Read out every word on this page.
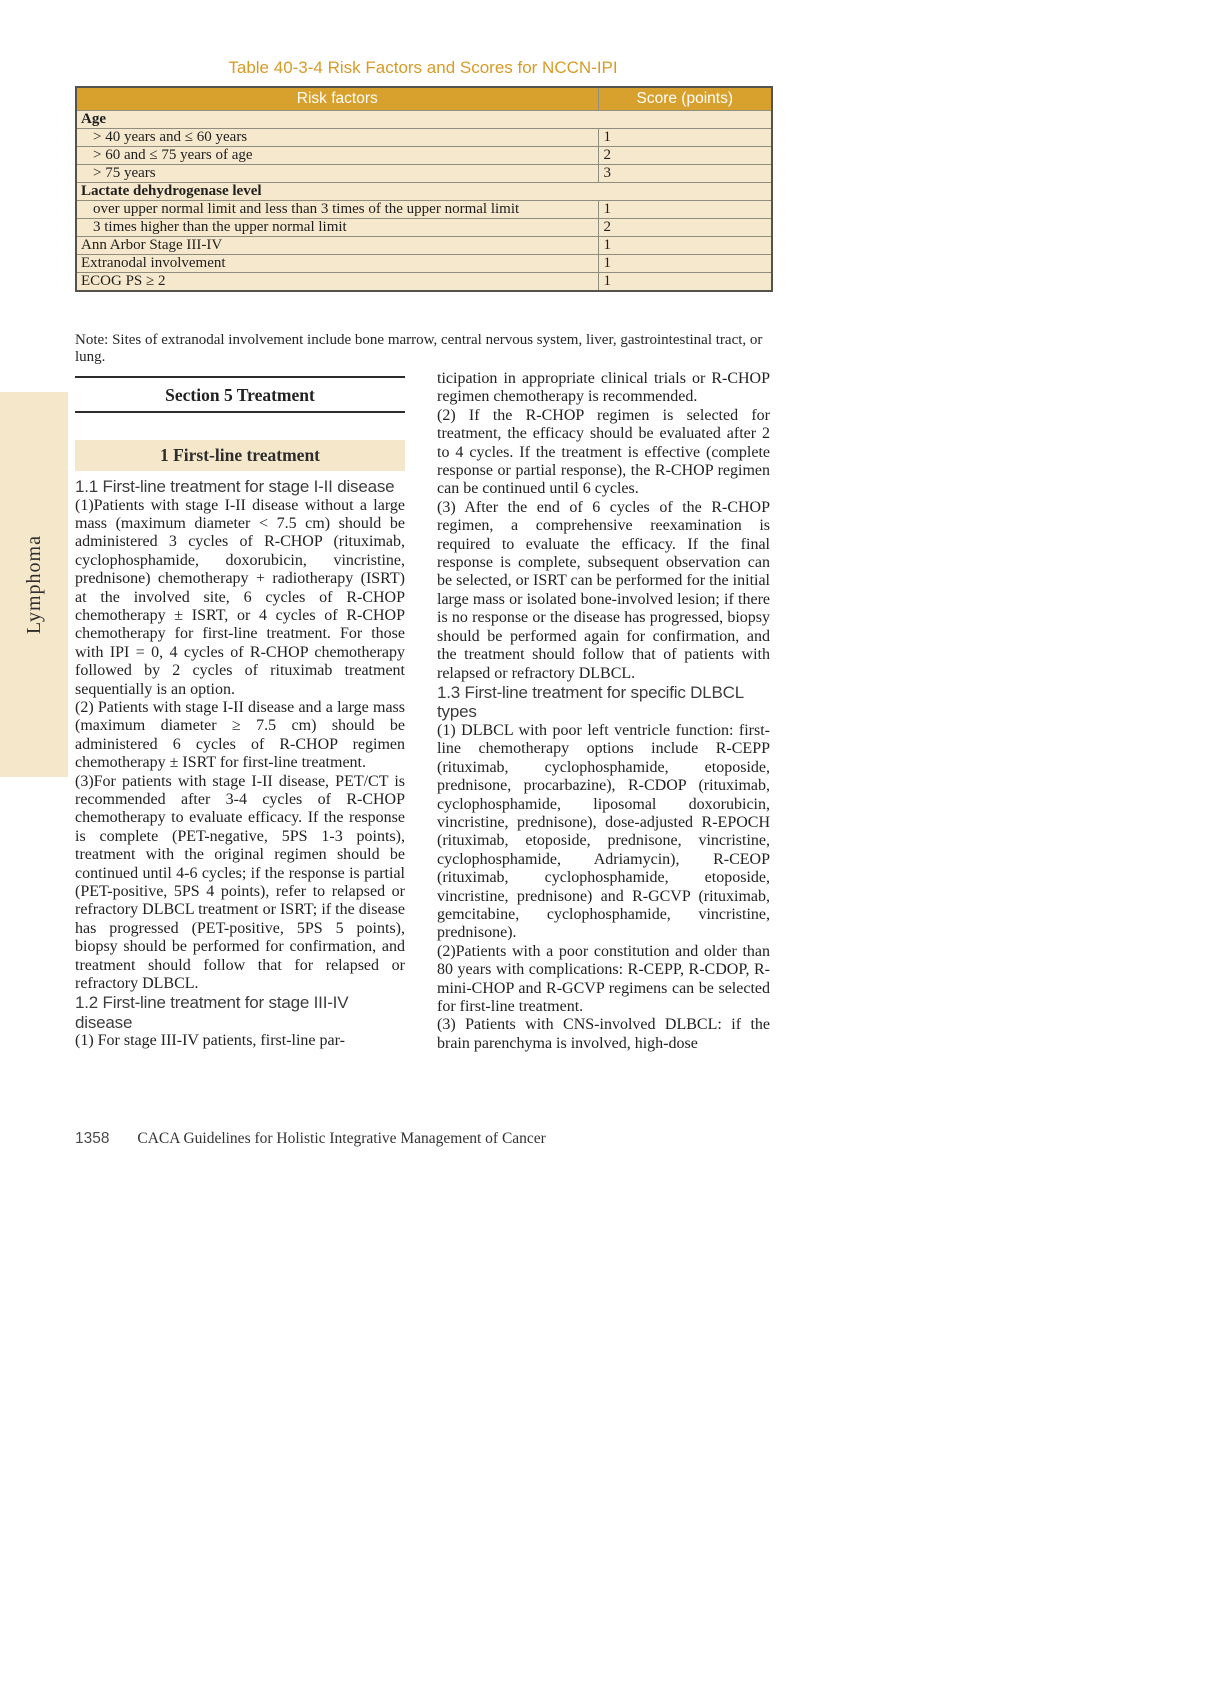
Lymphoma
Table 40-3-4 Risk Factors and Scores for NCCN-IPI
Risk factors	Score (points)
Age	
> 40 years and ≤ 60 years	1
> 60 and ≤ 75 years of age	2
> 75 years	3
Lactate dehydrogenase level	
over upper normal limit and less than 3 times of the upper normal limit	1
3 times higher than the upper normal limit	2
Ann Arbor Stage III-IV	1
Extranodal involvement	1
ECOG PS ≥ 2	1
Note: Sites of extranodal involvement include bone marrow, central nervous system, liver, gastrointestinal tract, or lung.
Section 5 Treatment
1 First-line treatment
1.1 First-line treatment for stage I-II disease
(1)Patients with stage I-II disease without a large mass (maximum diameter < 7.5 cm) should be administered 3 cycles of R-CHOP (rituximab, cyclophosphamide, doxorubicin, vincristine, prednisone) chemotherapy + radiotherapy (ISRT) at the involved site, 6 cycles of R-CHOP chemotherapy ± ISRT, or 4 cycles of R-CHOP chemotherapy for first-line treatment. For those with IPI = 0, 4 cycles of R-CHOP chemotherapy followed by 2 cycles of rituximab treatment sequentially is an option.
(2) Patients with stage I-II disease and a large mass (maximum diameter ≥ 7.5 cm) should be administered 6 cycles of R-CHOP regimen chemotherapy ± ISRT for first-line treatment.
(3)For patients with stage I-II disease, PET/CT is recommended after 3-4 cycles of R-CHOP chemotherapy to evaluate efficacy. If the response is complete (PET-negative, 5PS 1-3 points), treatment with the original regimen should be continued until 4-6 cycles; if the response is partial (PET-positive, 5PS 4 points), refer to relapsed or refractory DLBCL treatment or ISRT; if the disease has progressed (PET-positive, 5PS 5 points), biopsy should be performed for confirmation, and treatment should follow that for relapsed or refractory DLBCL.
1.2 First-line treatment for stage III-IV disease
(1) For stage III-IV patients, first-line par-
ticipation in appropriate clinical trials or R-CHOP regimen chemotherapy is recommended.
(2) If the R-CHOP regimen is selected for treatment, the efficacy should be evaluated after 2 to 4 cycles. If the treatment is effective (complete response or partial response), the R-CHOP regimen can be continued until 6 cycles.
(3) After the end of 6 cycles of the R-CHOP regimen, a comprehensive reexamination is required to evaluate the efficacy. If the final response is complete, subsequent observation can be selected, or ISRT can be performed for the initial large mass or isolated bone-involved lesion; if there is no response or the disease has progressed, biopsy should be performed again for confirmation, and the treatment should follow that of patients with relapsed or refractory DLBCL.
1.3 First-line treatment for specific DLBCL types
(1) DLBCL with poor left ventricle function: first-line chemotherapy options include R-CEPP (rituximab, cyclophosphamide, etoposide, prednisone, procarbazine), R-CDOP (rituximab, cyclophosphamide, liposomal doxorubicin, vincristine, prednisone), dose-adjusted R-EPOCH (rituximab, etoposide, prednisone, vincristine, cyclophosphamide, Adriamycin), R-CEOP (rituximab, cyclophosphamide, etoposide, vincristine, prednisone) and R-GCVP (rituximab, gemcitabine, cyclophosphamide, vincristine, prednisone).
(2)Patients with a poor constitution and older than 80 years with complications: R-CEPP, R-CDOP, R-mini-CHOP and R-GCVP regimens can be selected for first-line treatment.
(3) Patients with CNS-involved DLBCL: if the brain parenchyma is involved, high-dose
1358 CACA Guidelines for Holistic Integrative Management of Cancer
